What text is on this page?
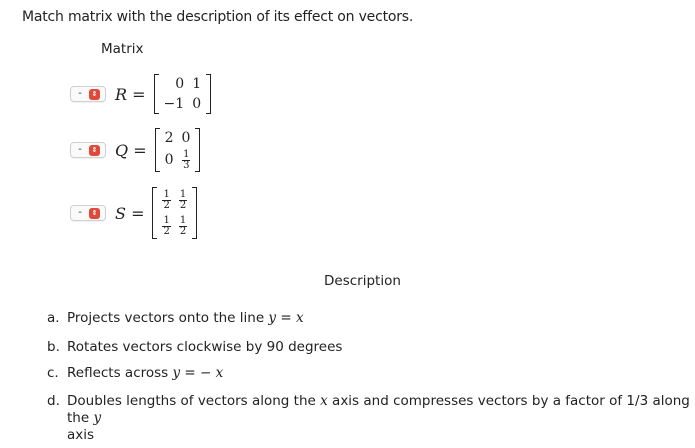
Match matrix with the description of its effect on vectors.
Matrix
-	⇕ R =
0	1
−1	0
-	⇕ Q =
2	0
0	$\frac{1}{3}$
-	⇕ S =
$\frac{1}{2}$	$\frac{1}{2}$

$\frac{1}{2}$	$\frac{1}{2}$
Description
a. Projects vectors onto the line y = x
b. Rotates vectors clockwise by 90 degrees
c. Reflects across y = − x
d. Doubles lengths of vectors along the x axis and compresses vectors by a factor of 1/3 along the y
axis
